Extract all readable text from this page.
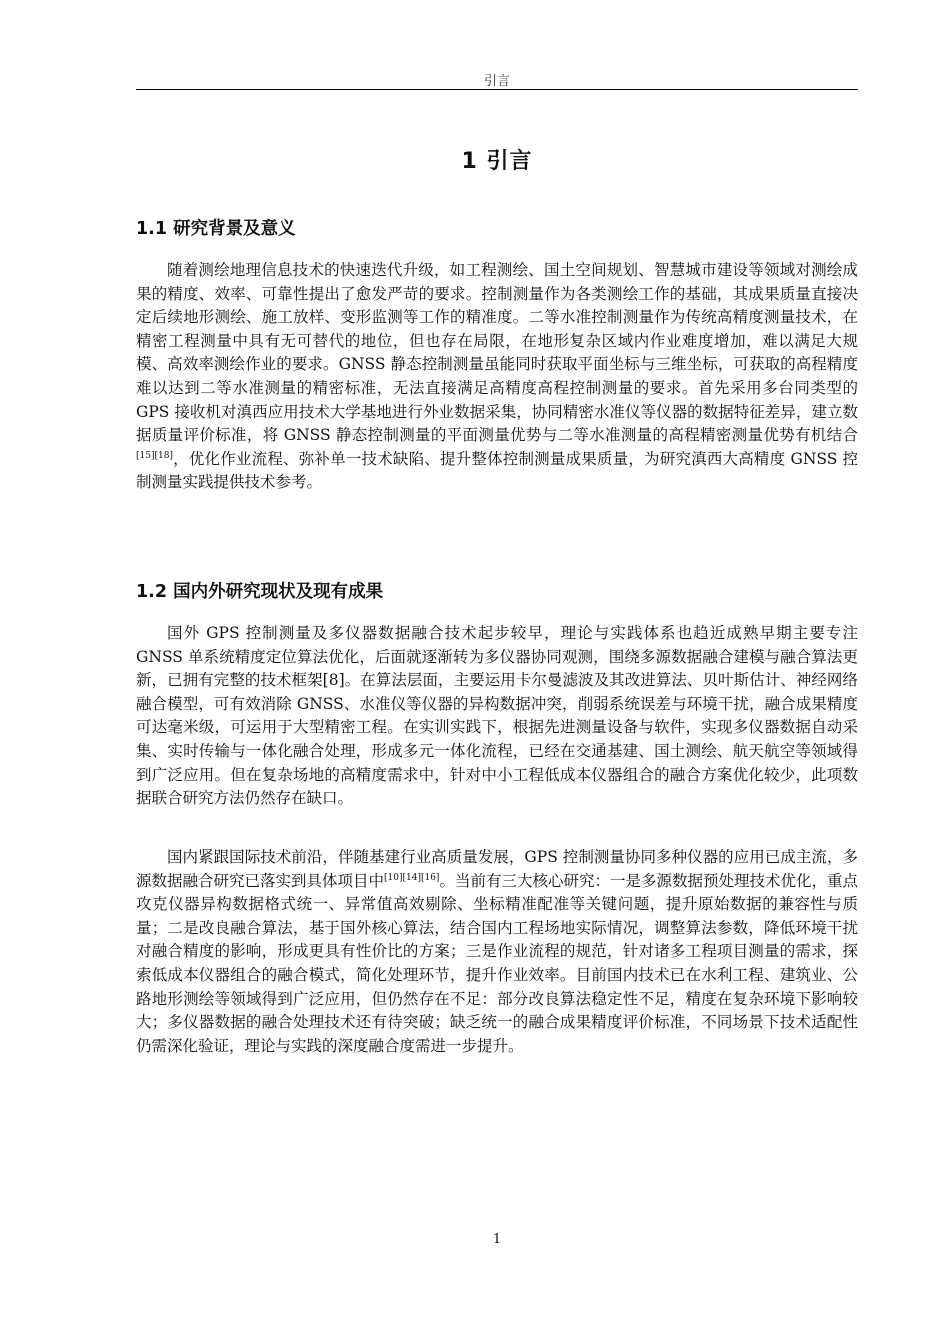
引言
1 引言
1.1 研究背景及意义

随着测绘地理信息技术的快速迭代升级，如工程测绘、国土空间规划、智慧城市建设等领域对测绘成果的精度、效率、可靠性提出了愈发严苛的要求。控制测量作为各类测绘工作的基础，其成果质量直接决定后续地形测绘、施工放样、变形监测等工作的精准度。二等水准控制测量作为传统高精度测量技术，在精密工程测量中具有无可替代的地位，但也存在局限，在地形复杂区域内作业难度增加，难以满足大规模、高效率测绘作业的要求。GNSS 静态控制测量虽能同时获取平面坐标与三维坐标，可获取的高程精度难以达到二等水准测量的精密标准，无法直接满足高精度高程控制测量的要求。首先采用多台同类型的 GPS 接收机对滇西应用技术大学基地进行外业数据采集，协同精密水准仪等仪器的数据特征差异，建立数据质量评价标准，将 GNSS 静态控制测量的平面测量优势与二等水准测量的高程精密测量优势有机结合[15][18]，优化作业流程、弥补单一技术缺陷、提升整体控制测量成果质量，为研究滇西大高精度 GNSS 控制测量实践提供技术参考。

1.2 国内外研究现状及现有成果

国外 GPS 控制测量及多仪器数据融合技术起步较早，理论与实践体系也趋近成熟早期主要专注 GNSS 单系统精度定位算法优化，后面就逐渐转为多仪器协同观测，围绕多源数据融合建模与融合算法更新，已拥有完整的技术框架[8]。在算法层面，主要运用卡尔曼滤波及其改进算法、贝叶斯估计、神经网络融合模型，可有效消除 GNSS、水准仪等仪器的异构数据冲突，削弱系统误差与环境干扰，融合成果精度可达毫米级，可运用于大型精密工程。在实训实践下，根据先进测量设备与软件，实现多仪器数据自动采集、实时传输与一体化融合处理，形成多元一体化流程，已经在交通基建、国土测绘、航天航空等领域得到广泛应用。但在复杂场地的高精度需求中，针对中小工程低成本仪器组合的融合方案优化较少，此项数据联合研究方法仍然存在缺口。

国内紧跟国际技术前沿，伴随基建行业高质量发展，GPS 控制测量协同多种仪器的应用已成主流，多源数据融合研究已落实到具体项目中[10][14][16]。当前有三大核心研究：一是多源数据预处理技术优化，重点攻克仪器异构数据格式统一、异常值高效剔除、坐标精准配准等关键问题，提升原始数据的兼容性与质量；二是改良融合算法，基于国外核心算法，结合国内工程场地实际情况，调整算法参数，降低环境干扰对融合精度的影响，形成更具有性价比的方案；三是作业流程的规范，针对诸多工程项目测量的需求，探索低成本仪器组合的融合模式，简化处理环节，提升作业效率。目前国内技术已在水利工程、建筑业、公路地形测绘等领域得到广泛应用，但仍然存在不足：部分改良算法稳定性不足，精度在复杂环境下影响较大；多仪器数据的融合处理技术还有待突破；缺乏统一的融合成果精度评价标准，不同场景下技术适配性仍需深化验证，理论与实践的深度融合度需进一步提升。

1
